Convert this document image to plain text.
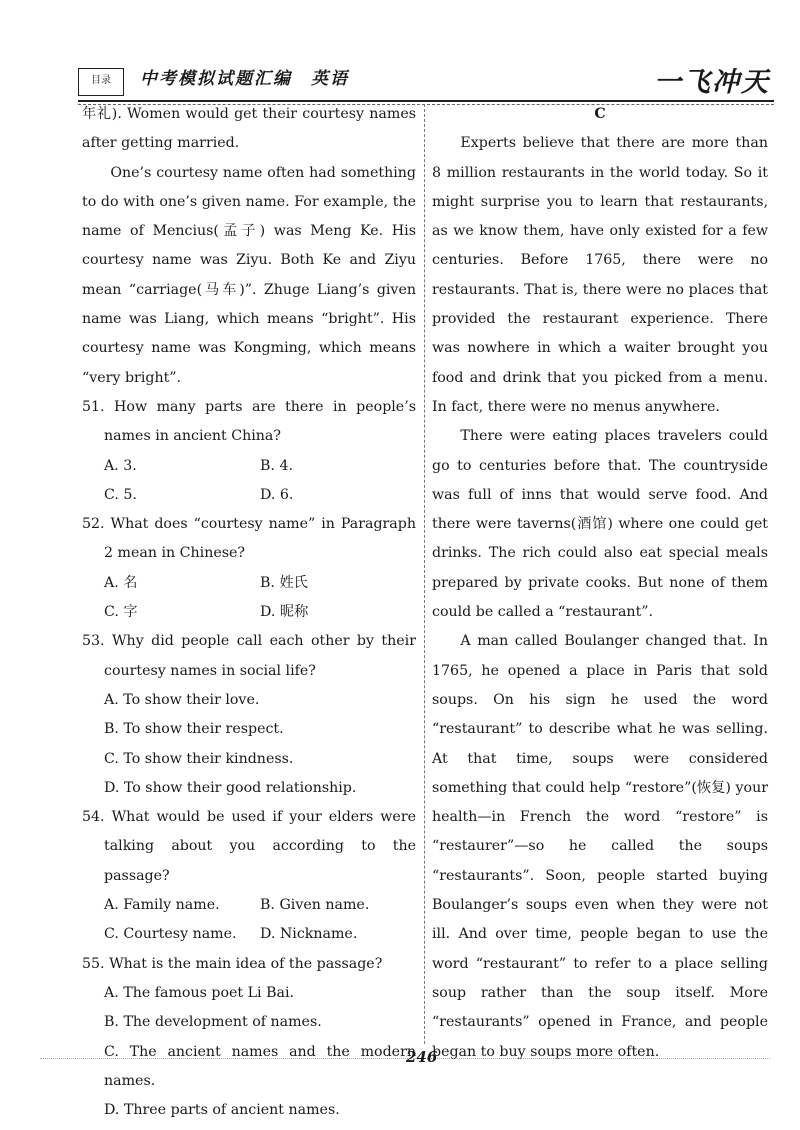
目录	中考模拟试题汇编　英语	一飞冲天

年礼). Women would get their courtesy names after getting married.

One’s courtesy name often had something to do with one’s given name. For example, the name of Mencius(孟子) was Meng Ke. His courtesy name was Ziyu. Both Ke and Ziyu mean “carriage(马车)”. Zhuge Liang’s given name was Liang, which means “bright”. His courtesy name was Kongming, which means “very bright”.

51. How many parts are there in people’s names in ancient China?

A. 3.	B. 4.
C. 5.	D. 6.

52. What does “courtesy name” in Paragraph 2 mean in Chinese?

A. 名	B. 姓氏
C. 字	D. 昵称

53. Why did people call each other by their courtesy names in social life?

A. To show their love.

B. To show their respect.

C. To show their kindness.

D. To show their good relationship.

54. What would be used if your elders were talking about you according to the passage?

A. Family name.	B. Given name.
C. Courtesy name.	D. Nickname.

55. What is the main idea of the passage?

A. The famous poet Li Bai.

B. The development of names.

C. The ancient names and the modern names.

D. Three parts of ancient names.

C

Experts believe that there are more than 8 million restaurants in the world today. So it might surprise you to learn that restaurants, as we know them, have only existed for a few centuries. Before 1765, there were no restaurants. That is, there were no places that provided the restaurant experience. There was nowhere in which a waiter brought you food and drink that you picked from a menu. In fact, there were no menus anywhere.

There were eating places travelers could go to centuries before that. The countryside was full of inns that would serve food. And there were taverns(酒馆) where one could get drinks. The rich could also eat special meals prepared by private cooks. But none of them could be called a “restaurant”.

A man called Boulanger changed that. In 1765, he opened a place in Paris that sold soups. On his sign he used the word “restaurant” to describe what he was selling. At that time, soups were considered something that could help “restore”(恢复) your health—in French the word “restore” is “restaurer”—so he called the soups “restaurants”. Soon, people started buying Boulanger’s soups even when they were not ill. And over time, people began to use the word “restaurant” to refer to a place selling soup rather than the soup itself. More “restaurants” opened in France, and people began to buy soups more often.

246
